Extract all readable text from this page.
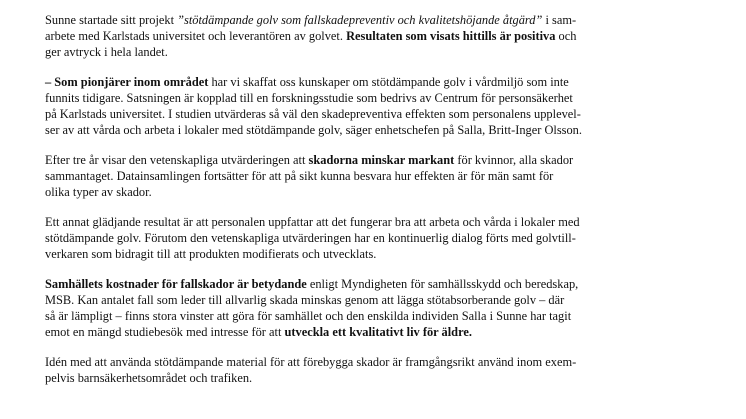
Sunne startade sitt projekt ”stötdämpande golv som fallskadepreventiv och kvalitetshöjande åtgärd” i sam-
arbete med Karlstads universitet och leverantören av golvet. Resultaten som visats hittills är positiva och
ger avtryck i hela landet.
– Som pionjärer inom området har vi skaffat oss kunskaper om stötdämpande golv i vårdmiljö som inte
funnits tidigare. Satsningen är kopplad till en forskningsstudie som bedrivs av Centrum för personsäkerhet
på Karlstads universitet. I studien utvärderas så väl den skadepreventiva effekten som personalens upplevel-
ser av att vårda och arbeta i lokaler med stötdämpande golv, säger enhetschefen på Salla, Britt-Inger Olsson.
Efter tre år visar den vetenskapliga utvärderingen att skadorna minskar markant för kvinnor, alla skador
sammantaget. Datainsamlingen fortsätter för att på sikt kunna besvara hur effekten är för män samt för
olika typer av skador.
Ett annat glädjande resultat är att personalen uppfattar att det fungerar bra att arbeta och vårda i lokaler med
stötdämpande golv. Förutom den vetenskapliga utvärderingen har en kontinuerlig dialog förts med golvtill-
verkaren som bidragit till att produkten modifierats och utvecklats.
Samhällets kostnader för fallskador är betydande enligt Myndigheten för samhällsskydd och beredskap,
MSB. Kan antalet fall som leder till allvarlig skada minskas genom att lägga stötabsorberande golv – där
så är lämpligt – finns stora vinster att göra för samhället och den enskilda individen Salla i Sunne har tagit
emot en mängd studiebesök med intresse för att utveckla ett kvalitativt liv för äldre.
Idén med att använda stötdämpande material för att förebygga skador är framgångsrikt använd inom exem-
pelvis barnsäkerhetsområdet och trafiken.
